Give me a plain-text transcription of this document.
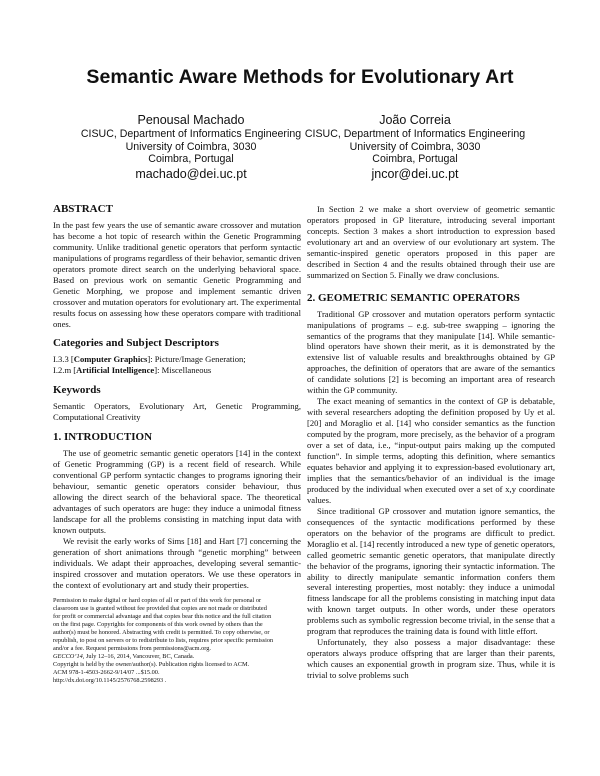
Semantic Aware Methods for Evolutionary Art
Penousal Machado
CISUC, Department of Informatics Engineering
University of Coimbra, 3030
Coimbra, Portugal
machado@dei.uc.pt
João Correia
CISUC, Department of Informatics Engineering
University of Coimbra, 3030
Coimbra, Portugal
jncor@dei.uc.pt
ABSTRACT

In the past few years the use of semantic aware crossover and mutation has become a hot topic of research within the Genetic Programming community. Unlike traditional genetic operators that perform syntactic manipulations of programs regardless of their behavior, semantic driven operators promote direct search on the underlying behavioral space. Based on previous work on semantic Genetic Programming and Genetic Morphing, we propose and implement semantic driven crossover and mutation operators for evolutionary art. The experimental results focus on assessing how these operators compare with traditional ones.

Categories and Subject Descriptors

I.3.3 [Computer Graphics]: Picture/Image Generation;

I.2.m [Artificial Intelligence]: Miscellaneous

Keywords

Semantic Operators, Evolutionary Art, Genetic Programming, Computational Creativity

1. INTRODUCTION

The use of geometric semantic genetic operators [14] in the context of Genetic Programming (GP) is a recent field of research. While conventional GP perform syntactic changes to programs ignoring their behaviour, semantic genetic operators consider behaviour, thus allowing the direct search of the behavioral space. The theoretical advantages of such operators are huge: they induce a unimodal fitness landscape for all the problems consisting in matching input data with known outputs.

We revisit the early works of Sims [18] and Hart [7] concerning the generation of short animations through “genetic morphing” between individuals. We adapt their approaches, developing several semantic-inspired crossover and mutation operators. We use these operators in the context of evolutionary art and study their properties.

Permission to make digital or hard copies of all or part of this work for personal or
classroom use is granted without fee provided that copies are not made or distributed
for profit or commercial advantage and that copies bear this notice and the full citation
on the first page. Copyrights for components of this work owned by others than the
author(s) must be honored. Abstracting with credit is permitted. To copy otherwise, or
republish, to post on servers or to redistribute to lists, requires prior specific permission
and/or a fee. Request permissions from permissions@acm.org.
GECCO’14, July 12–16, 2014, Vancouver, BC, Canada.
Copyright is held by the owner/author(s). Publication rights licensed to ACM.
ACM 978-1-4503-2662-9/14/07 ...$15.00.
http://dx.doi.org/10.1145/2576768.2598293 .

In Section 2 we make a short overview of geometric semantic operators proposed in GP literature, introducing several important concepts. Section 3 makes a short introduction to expression based evolutionary art and an overview of our evolutionary art system. The semantic-inspired genetic operators proposed in this paper are described in Section 4 and the results obtained through their use are summarized on Section 5. Finally we draw conclusions.

2. GEOMETRIC SEMANTIC OPERATORS

Traditional GP crossover and mutation operators perform syntactic manipulations of programs – e.g. sub-tree swapping – ignoring the semantics of the programs that they manipulate [14]. While semantic-blind operators have shown their merit, as it is demonstrated by the extensive list of valuable results and breakthroughs obtained by GP approaches, the definition of operators that are aware of the semantics of candidate solutions [2] is becoming an important area of research within the GP community.

The exact meaning of semantics in the context of GP is debatable, with several researchers adopting the definition proposed by Uy et al. [20] and Moraglio et al. [14] who consider semantics as the function computed by the program, more precisely, as the behavior of a program over a set of data, i.e., “input-output pairs making up the computed function”. In simple terms, adopting this definition, where semantics equates behavior and applying it to expression-based evolutionary art, implies that the semantics/behavior of an individual is the image produced by the individual when executed over a set of x,y coordinate values.

Since traditional GP crossover and mutation ignore semantics, the consequences of the syntactic modifications performed by these operators on the behavior of the programs are difficult to predict. Moraglio et al. [14] recently introduced a new type of genetic operators, called geometric semantic genetic operators, that manipulate directly the behavior of the programs, ignoring their syntactic information. The ability to directly manipulate semantic information confers them several interesting properties, most notably: they induce a unimodal fitness landscape for all the problems consisting in matching input data with known target outputs. In other words, under these operators problems such as symbolic regression become trivial, in the sense that a program that reproduces the training data is found with little effort.

Unfortunately, they also possess a major disadvantage: these operators always produce offspring that are larger than their parents, which causes an exponential growth in program size. Thus, while it is trivial to solve problems such
